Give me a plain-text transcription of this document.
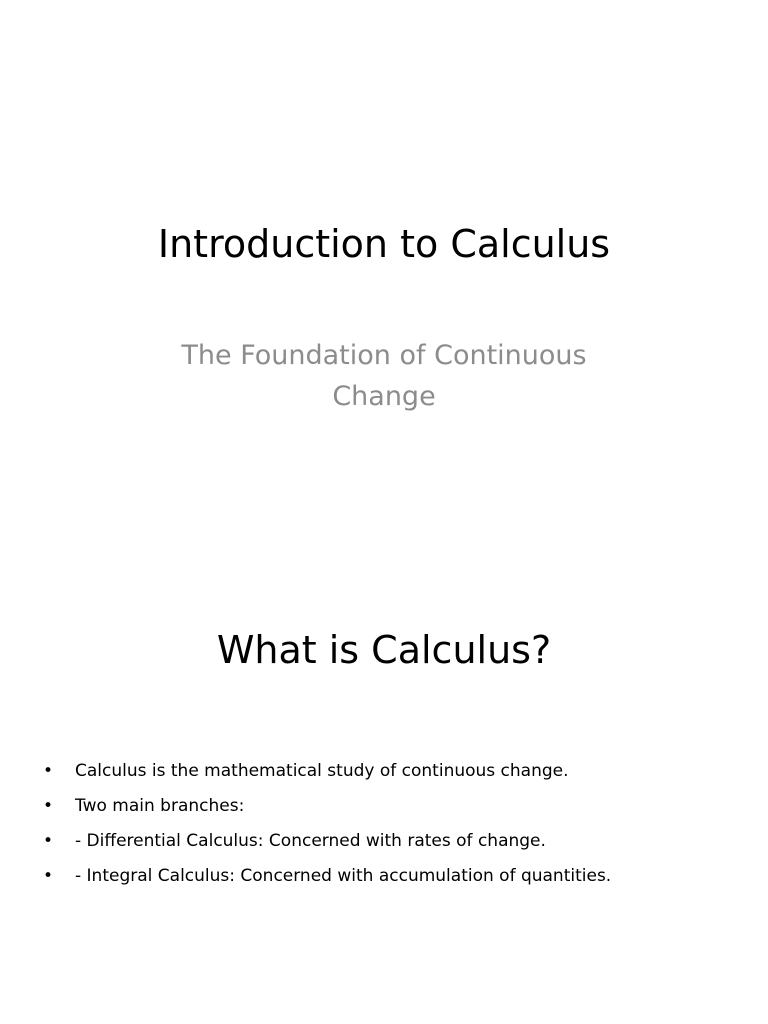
Introduction to Calculus

The Foundation of Continuous Change

What is Calculus?
• Calculus is the mathematical study of continuous change.
• Two main branches:
• - Differential Calculus: Concerned with rates of change.
• - Integral Calculus: Concerned with accumulation of quantities.
